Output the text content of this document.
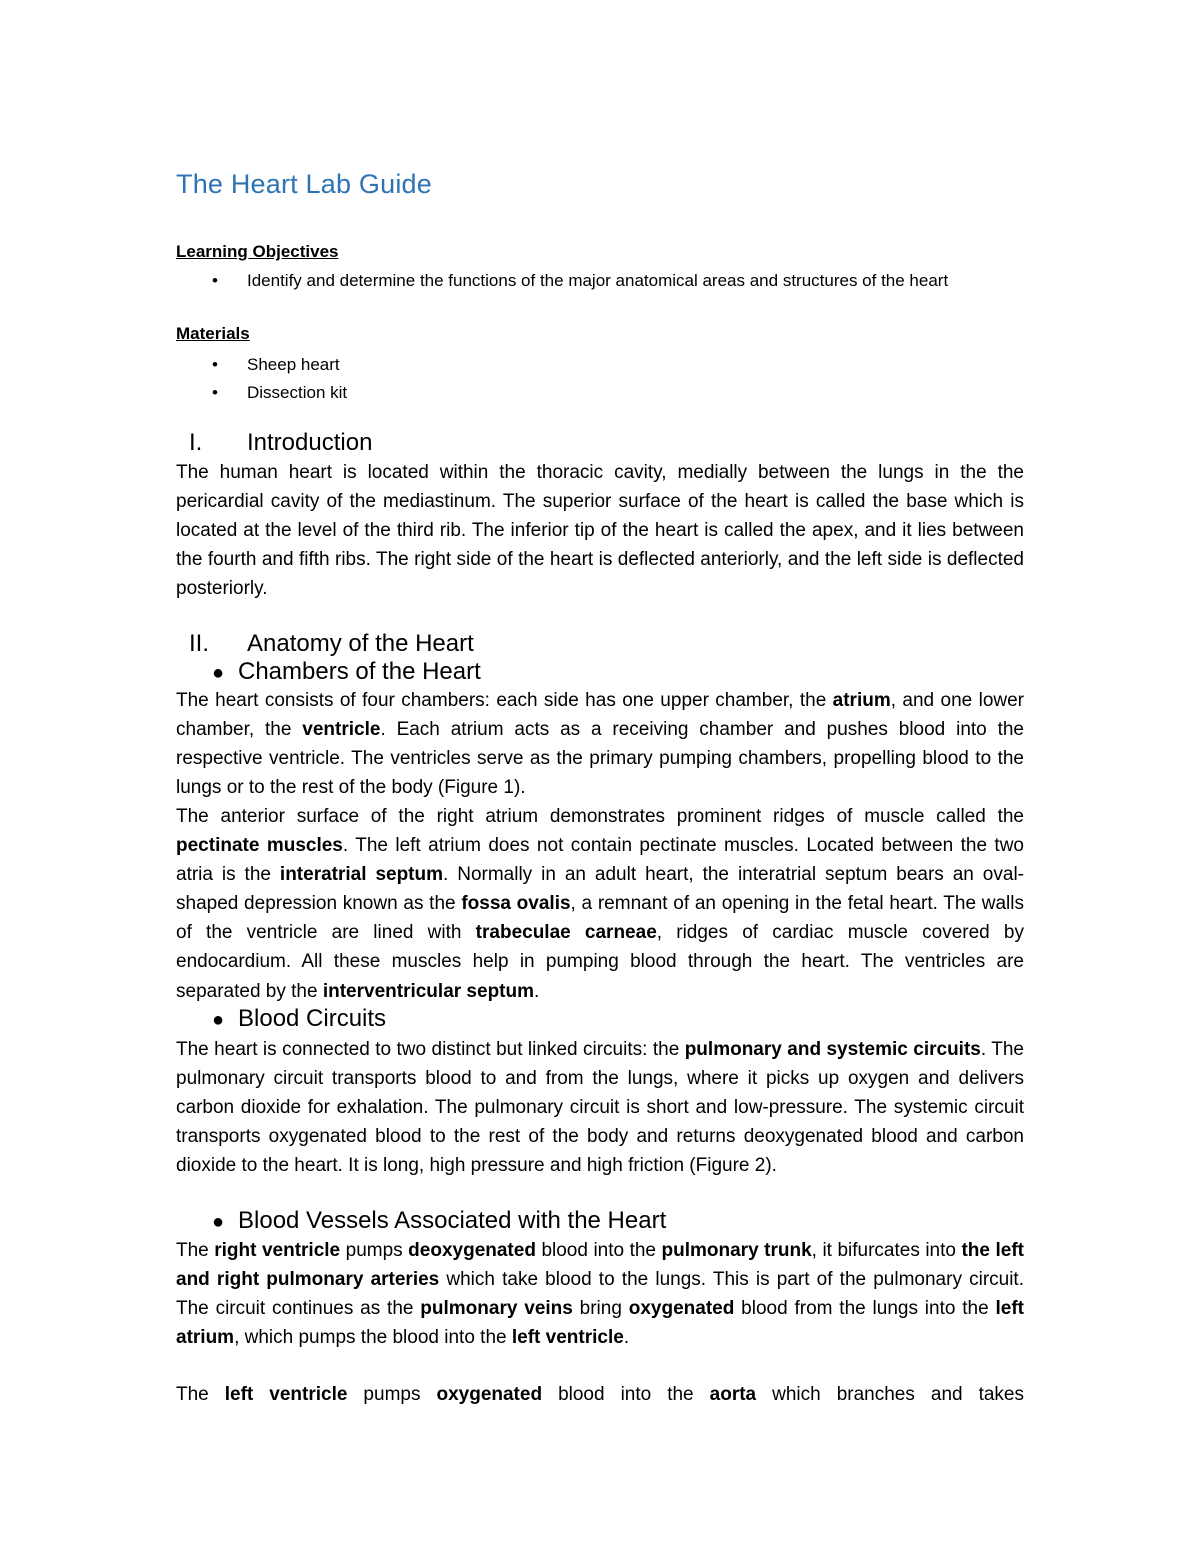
The Heart Lab Guide

Learning Objectives

• Identify and determine the functions of the major anatomical areas and structures of the heart

Materials

• Sheep heart
• Dissection kit
I. Introduction

The human heart is located within the thoracic cavity, medially between the lungs in the the pericardial cavity of the mediastinum. The superior surface of the heart is called the base which is located at the level of the third rib. The inferior tip of the heart is called the apex, and it lies between the fourth and fifth ribs. The right side of the heart is deflected anteriorly, and the left side is deflected posteriorly.

II. Anatomy of the Heart
● Chambers of the Heart

The heart consists of four chambers: each side has one upper chamber, the atrium, and one lower chamber, the ventricle. Each atrium acts as a receiving chamber and pushes blood into the respective ventricle. The ventricles serve as the primary pumping chambers, propelling blood to the lungs or to the rest of the body (Figure 1).

The anterior surface of the right atrium demonstrates prominent ridges of muscle called the pectinate muscles. The left atrium does not contain pectinate muscles. Located between the two atria is the interatrial septum. Normally in an adult heart, the interatrial septum bears an oval-shaped depression known as the fossa ovalis, a remnant of an opening in the fetal heart. The walls of the ventricle are lined with trabeculae carneae, ridges of cardiac muscle covered by endocardium. All these muscles help in pumping blood through the heart. The ventricles are separated by the interventricular septum.

● Blood Circuits

The heart is connected to two distinct but linked circuits: the pulmonary and systemic circuits. The pulmonary circuit transports blood to and from the lungs, where it picks up oxygen and delivers carbon dioxide for exhalation. The pulmonary circuit is short and low-pressure. The systemic circuit transports oxygenated blood to the rest of the body and returns deoxygenated blood and carbon dioxide to the heart. It is long, high pressure and high friction (Figure 2).

● Blood Vessels Associated with the Heart

The right ventricle pumps deoxygenated blood into the pulmonary trunk, it bifurcates into the left and right pulmonary arteries which take blood to the lungs. This is part of the pulmonary circuit. The circuit continues as the pulmonary veins bring oxygenated blood from the lungs into the left atrium, which pumps the blood into the left ventricle.

The left ventricle pumps oxygenated blood into the aorta which branches and takes
